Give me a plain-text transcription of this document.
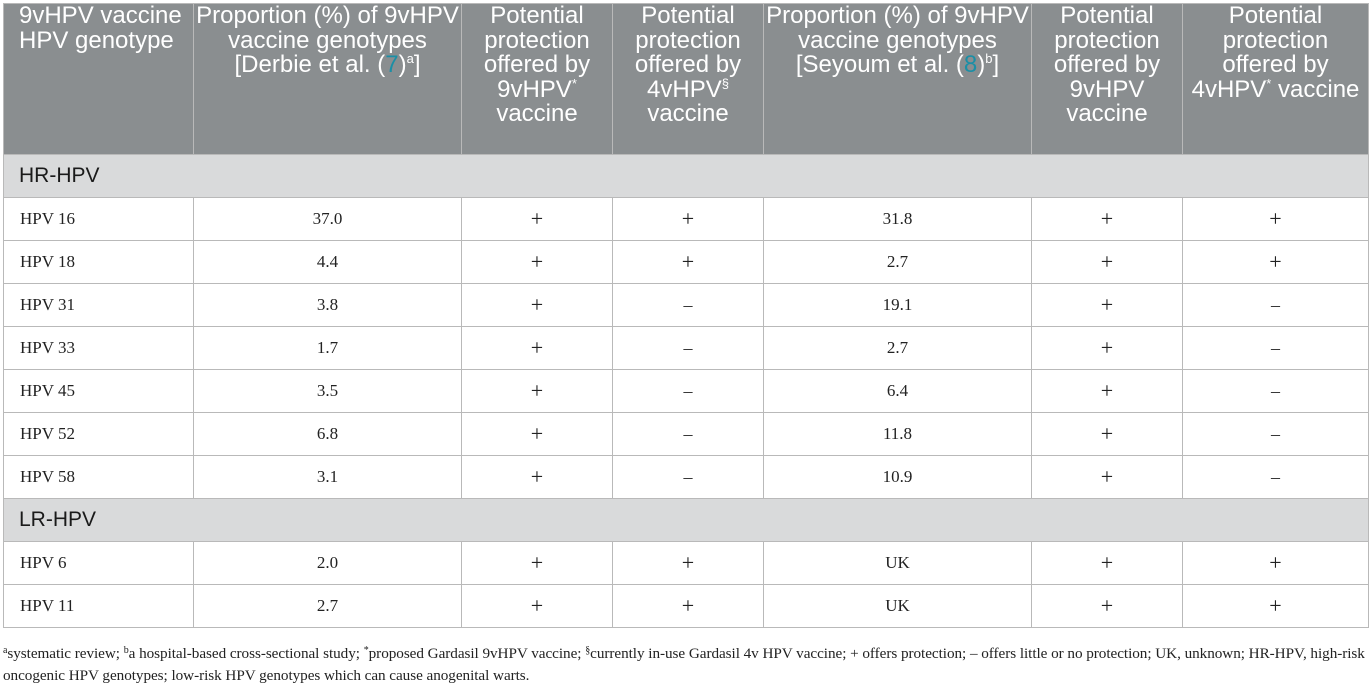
9vHPV vaccine HPV genotype	Proportion (%) of 9vHPV vaccine genotypes [Derbie et al. $(7)^a$]	Potential protection offered by 9vHPV* vaccine	Potential protection offered by 4vHPV§ vaccine	Proportion (%) of 9vHPV vaccine genotypes [Seyoum et al. $(8)^b$]	Potential protection offered by 9vHPV vaccine	Potential protection offered by 4vHPV* vaccine
HR-HPV						
HPV 16	37.0	+	+	31.8	+	+
HPV 18	4.4	+	+	2.7	+	+
HPV 31	3.8	+	–	19.1	+	–
HPV 33	1.7	+	–	2.7	+	–
HPV 45	3.5	+	–	6.4	+	–
HPV 52	6.8	+	–	11.8	+	–
HPV 58	3.1	+	–	10.9	+	–
LR-HPV						
HPV 6	2.0	+	+	UK	+	+
HPV 11	2.7	+	+	UK	+	+
$^a$systematic review; $^b$a hospital-based cross-sectional study; *proposed Gardasil 9vHPV vaccine; §currently in-use Gardasil 4v HPV vaccine; + offers protection; – offers little or no protection; UK, unknown; HR-HPV, high-risk oncogenic HPV genotypes; low-risk HPV genotypes which can cause anogenital warts.
